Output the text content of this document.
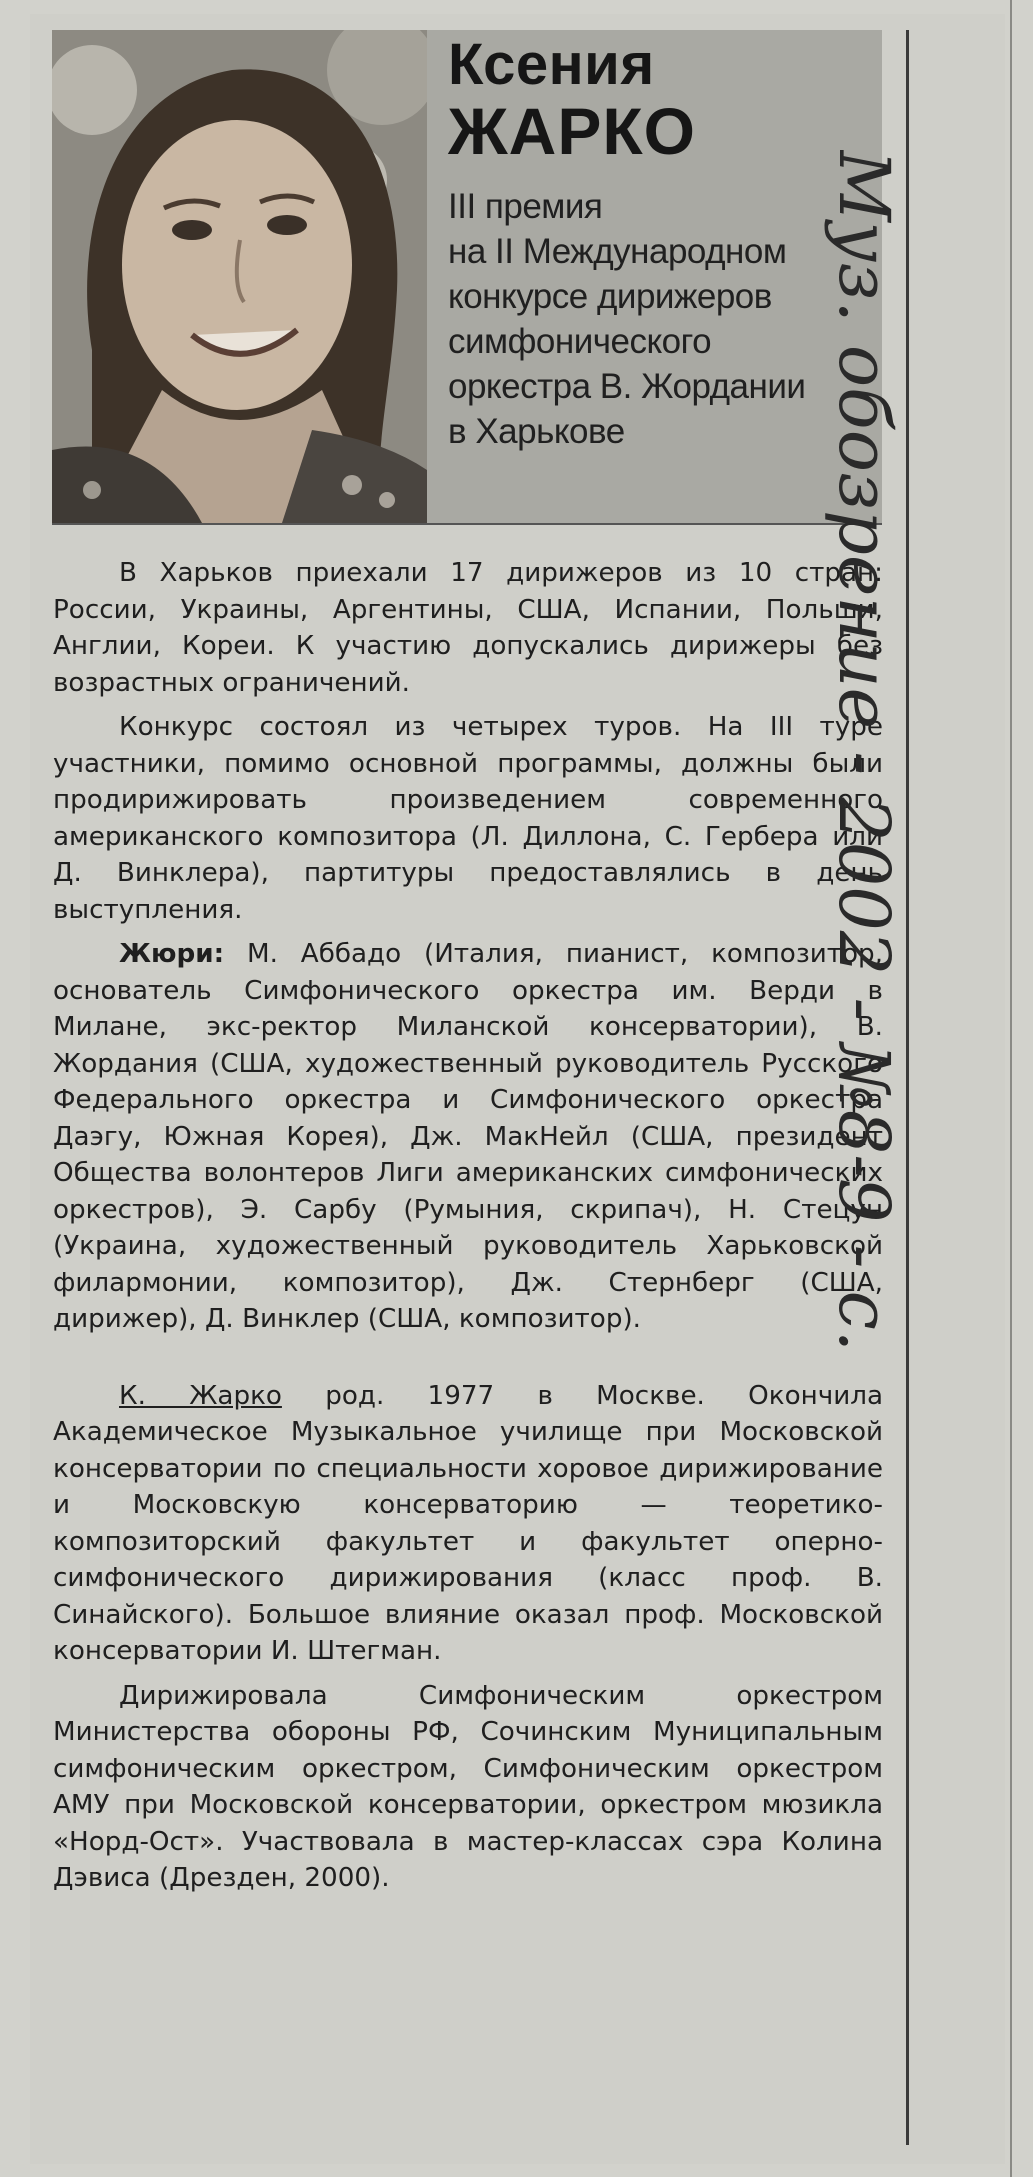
Ксения
ЖАРКО
III премия
на II Международном
конкурсе дирижеров
симфонического
оркестра В. Жордании
в Харькове

В Харьков приехали 17 дирижеров из 10 стран: России, Украины, Аргентины, США, Испании, Польши, Англии, Кореи. К участию допускались дирижеры без возрастных ограничений.

Конкурс состоял из четырех туров. На III туре участники, помимо основной программы, должны были продирижировать произведением современного американского композитора (Л. Диллона, С. Гербера или Д. Винклера), партитуры предоставлялись в день выступления.

Жюри: М. Аббадо (Италия, пианист, композитор, основатель Симфонического оркестра им. Верди в Милане, экс-ректор Миланской консерватории), В. Жордания (США, художественный руководитель Русского Федерального оркестра и Симфонического оркестра Даэгу, Южная Корея), Дж. МакНейл (США, президент Общества волонтеров Лиги американских симфонических оркестров), Э. Сарбу (Румыния, скрипач), Н. Стецун (Украина, художественный руководитель Харьковской филармонии, композитор), Дж. Стернберг (США, дирижер), Д. Винклер (США, композитор).

К. Жарко род. 1977 в Москве. Окончила Академическое Музыкальное училище при Московской консерватории по специальности хоровое дирижирование и Московскую консерваторию — теоретико-композиторский факультет и факультет оперно-симфонического дирижирования (класс проф. В. Синайского). Большое влияние оказал проф. Московской консерватории И. Штегман.

Дирижировала Симфоническим оркестром Министерства обороны РФ, Сочинским Муниципальным симфоническим оркестром, Симфоническим оркестром АМУ при Московской консерватории, оркестром мюзикла «Норд-Ост». Участвовала в мастер-классах сэра Колина Дэвиса (Дрезден, 2000).

Муз. обозрение - 2002 - №8-9 - с. 30
